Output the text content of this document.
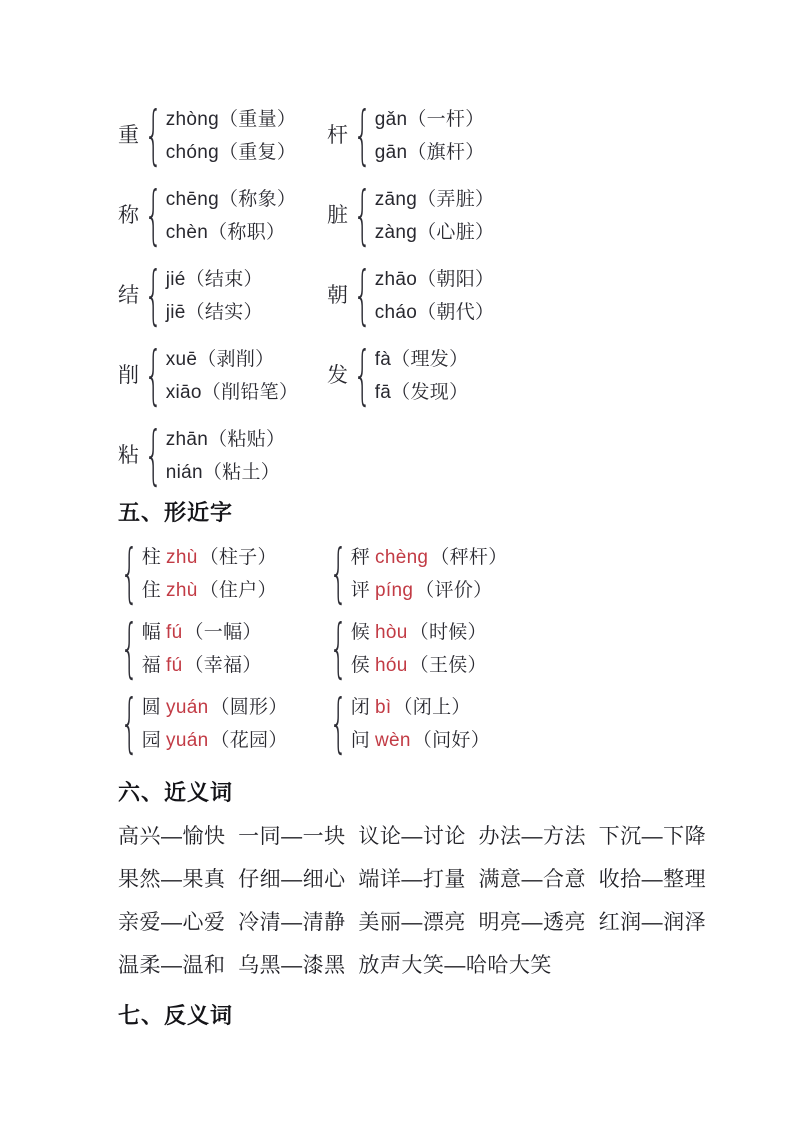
重 { zhòng（重量）
chóng（重复）
杆 { gǎn（一杆）
gān（旗杆）
称 { chēng（称象）
chèn（称职）
脏 { zāng（弄脏）
zàng（心脏）
结 { jié（结束）
jiē（结实）
朝 { zhāo（朝阳）
cháo（朝代）
削 { xuē（剥削）
xiāo（削铅笔）
发 { fà（理发）
fā（发现）
粘 { zhān（粘贴）
nián（粘土）
五、形近字
{ 柱 zhù （柱子）
住 zhù （住户） { 秤 chèng （秤杆）
评 píng （评价）
{ 幅 fú （一幅）
福 fú （幸福） { 候 hòu （时候）
侯 hóu （王侯）
{ 圆 yuán （圆形）
园 yuán （花园） { 闭 bì （闭上）
问 wèn （问好）
六、近义词

高兴—愉快  一同—一块  议论—讨论  办法—方法  下沉—下降

果然—果真  仔细—细心  端详—打量  满意—合意  收拾—整理

亲爱—心爱  冷清—清静  美丽—漂亮  明亮—透亮  红润—润泽

温柔—温和  乌黑—漆黑  放声大笑—哈哈大笑

七、反义词
